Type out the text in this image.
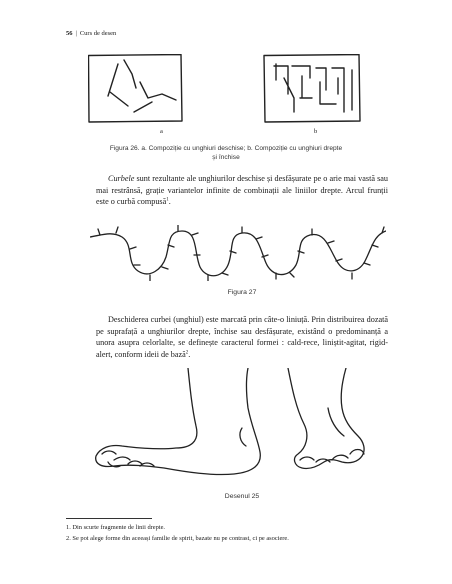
56 | Curs de desen
a	b
Figura 26. a. Compoziție cu unghiuri deschise; b. Compoziție cu unghiuri drepte
și închise
Curbele sunt rezultante ale unghiurilor deschise și desfășurate pe o arie mai vastă sau mai restrânsă, grație variantelor infinite de combinații ale liniilor drepte. Arcul frunții este o curbă compusă$^1$.
Figura 27
Deschiderea curbei (unghiul) este marcată prin câte-o liniuță. Prin distribuirea dozată pe suprafață a unghiurilor drepte, închise sau desfășurate, existând o predominanță a unora asupra celorlalte, se definește caracterul formei : cald-rece, liniștit-agitat, rigid-alert, conform ideii de bază$^2$.
Desenul 25
1. Din scurte fragmente de linii drepte.
2. Se pot alege forme din aceeași familie de spirit, bazate nu pe contrast, ci pe asociere.
